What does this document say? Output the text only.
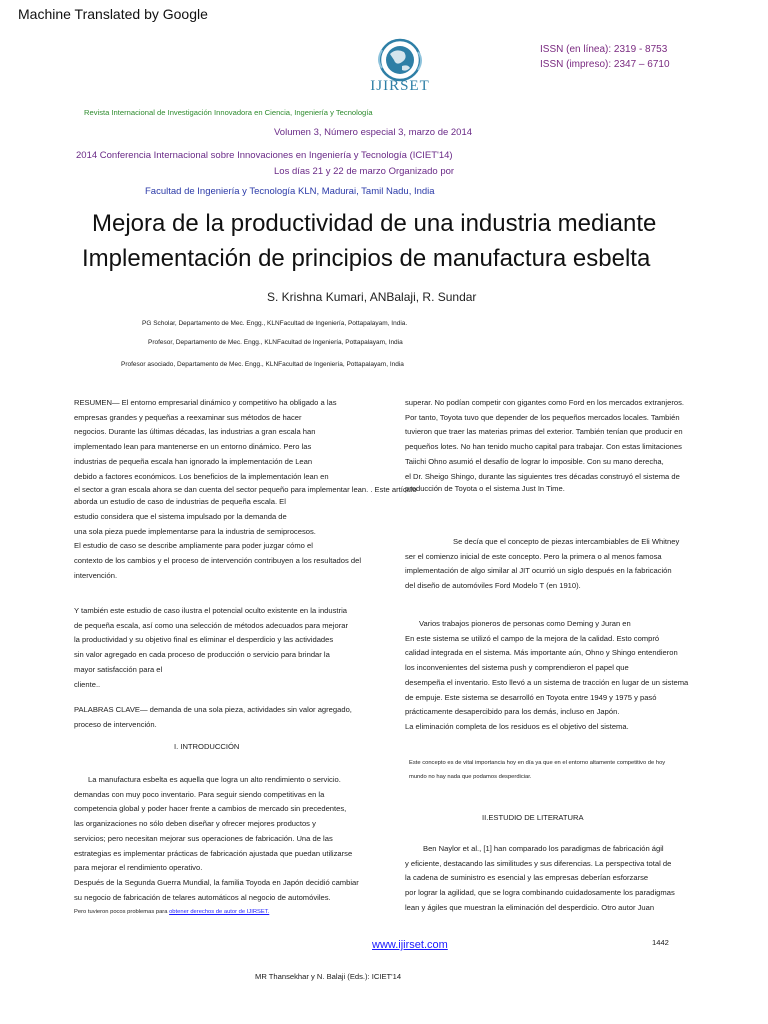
Machine Translated by Google
IJIRSET
ISSN (en línea): 2319 - 8753
ISSN (impreso): 2347 – 6710
Revista Internacional de Investigación Innovadora en Ciencia, Ingeniería y Tecnología
Volumen 3, Número especial 3, marzo de 2014
2014 Conferencia Internacional sobre Innovaciones en Ingeniería y Tecnología (ICIET'14)
Los días 21 y 22 de marzo Organizado por
Facultad de Ingeniería y Tecnología KLN, Madurai, Tamil Nadu, India
Mejora de la productividad de una industria mediante
Implementación de principios de manufactura esbelta
S. Krishna Kumari, ANBalaji, R. Sundar
PG Scholar, Departamento de Mec. Engg., KLNFacultad de Ingeniería, Pottapalayam, India.
Profesor, Departamento de Mec. Engg., KLNFacultad de Ingeniería, Pottapalayam, India
Profesor asociado, Departamento de Mec. Engg., KLNFacultad de Ingeniería, Pottapalayam, India

RESUMEN— El entorno empresarial dinámico y competitivo ha obligado a las

empresas grandes y pequeñas a reexaminar sus métodos de hacer

negocios. Durante las últimas décadas, las industrias a gran escala han

implementado lean para mantenerse en un entorno dinámico. Pero las

industrias de pequeña escala han ignorado la implementación de Lean

debido a factores económicos. Los beneficios de la implementación lean en

el sector a gran escala ahora se dan cuenta del sector pequeño para implementar lean. . Este artículo

aborda un estudio de caso de industrias de pequeña escala. El

estudio considera que el sistema impulsado por la demanda de

una sola pieza puede implementarse para la industria de semiprocesos.

El estudio de caso se describe ampliamente para poder juzgar cómo el

contexto de los cambios y el proceso de intervención contribuyen a los resultados del

intervención.

Y también este estudio de caso ilustra el potencial oculto existente en la industria

de pequeña escala, así como una selección de métodos adecuados para mejorar

la productividad y su objetivo final es eliminar el desperdicio y las actividades

sin valor agregado en cada proceso de producción o servicio para brindar la

mayor satisfacción para el

cliente..

PALABRAS CLAVE— demanda de una sola pieza, actividades sin valor agregado,

proceso de intervención.

I. INTRODUCCIÓN

La manufactura esbelta es aquella que logra un alto rendimiento o servicio.

demandas con muy poco inventario. Para seguir siendo competitivas en la

competencia global y poder hacer frente a cambios de mercado sin precedentes,

las organizaciones no sólo deben diseñar y ofrecer mejores productos y

servicios; pero necesitan mejorar sus operaciones de fabricación. Una de las

estrategias es implementar prácticas de fabricación ajustada que puedan utilizarse

para mejorar el rendimiento operativo.

Después de la Segunda Guerra Mundial, la familia Toyoda en Japón decidió cambiar

su negocio de fabricación de telares automáticos al negocio de automóviles.

Pero tuvieron pocos problemas para obtener derechos de autor de IJIRSET.

superar. No podían competir con gigantes como Ford en los mercados extranjeros.

Por tanto, Toyota tuvo que depender de los pequeños mercados locales. También

tuvieron que traer las materias primas del exterior. También tenían que producir en

pequeños lotes. No han tenido mucho capital para trabajar. Con estas limitaciones

Taiichi Ohno asumió el desafío de lograr lo imposible. Con su mano derecha,

el Dr. Sheigo Shingo, durante las siguientes tres décadas construyó el sistema de

producción de Toyota o el sistema Just In Time.

Se decía que el concepto de piezas intercambiables de Eli Whitney

ser el comienzo inicial de este concepto. Pero la primera o al menos famosa

implementación de algo similar al JIT ocurrió un siglo después en la fabricación

del diseño de automóviles Ford Modelo T (en 1910).

Varios trabajos pioneros de personas como Deming y Juran en

En este sistema se utilizó el campo de la mejora de la calidad. Esto compró

calidad integrada en el sistema. Más importante aún, Ohno y Shingo entendieron

los inconvenientes del sistema push y comprendieron el papel que

desempeña el inventario. Esto llevó a un sistema de tracción en lugar de un sistema

de empuje. Este sistema se desarrolló en Toyota entre 1949 y 1975 y pasó

prácticamente desapercibido para los demás, incluso en Japón.

La eliminación completa de los residuos es el objetivo del sistema.

Este concepto es de vital importancia hoy en día ya que en el entorno altamente competitivo de hoy

mundo no hay nada que podamos desperdiciar.

II.ESTUDIO DE LITERATURA

Ben Naylor et al., [1] han comparado los paradigmas de fabricación ágil

y eficiente, destacando las similitudes y sus diferencias. La perspectiva total de

la cadena de suministro es esencial y las empresas deberían esforzarse

por lograr la agilidad, que se logra combinando cuidadosamente los paradigmas

lean y ágiles que muestran la eliminación del desperdicio. Otro autor Juan

www.ijirset.com	1442
MR Thansekhar y N. Balaji (Eds.): ICIET'14
